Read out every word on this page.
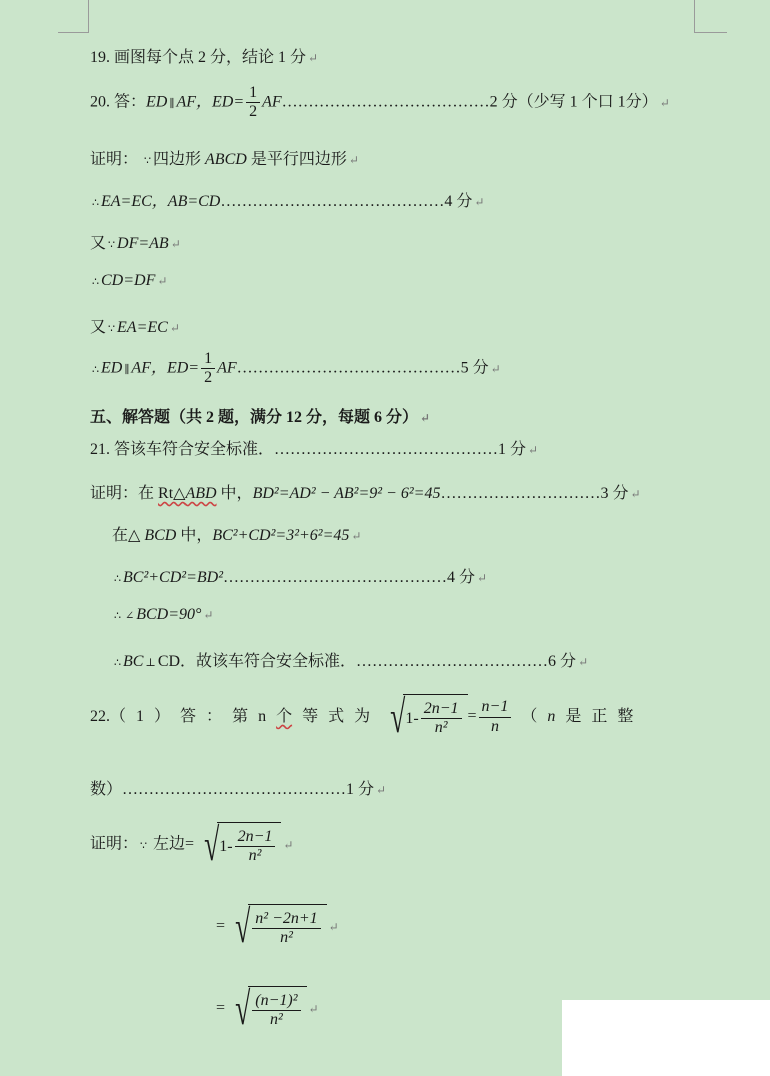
19. 画图每个点 2 分，结论 1 分 ↵
20. 答：ED ∥ AF，$ED= \frac{1}{2}$ AF…………………………………2 分（少写 1 个口 1分） ↵
证明： ∵ 四边形 ABCD 是平行四边形 ↵
∴ EA=EC，AB=CD……………………………………4 分 ↵
又 ∵ DF=AB ↵
∴ CD=DF ↵
又 ∵ EA=EC ↵
∴ ED ∥ AF，$ED= \frac{1}{2}$ AF……………………………………5 分 ↵
五、解答题（共 2 题，满分 12 分，每题 6 分） ↵
21. 答该车符合安全标准．……………………………………1 分 ↵
证明：在 Rt△ABD 中，BD²=AD² − AB²=9² − 6²=45…………………………3 分 ↵
在△ BCD 中，BC²+CD²=3²+6²=45 ↵
∴ BC²+CD²=BD²……………………………………4 分 ↵
∴ ∠ BCD=90° ↵
∴ BC ⊥ CD．故该车符合安全标准．………………………………6 分 ↵
22.（ 1 ） 答 ： 第 n 个 等 式 为 √ $1- \frac{2n-1}{\text{n²}} = \frac{n-1}{n}$ （ n 是 正 整
数）……………………………………1 分 ↵
证明： ∵ 左边= √ $1- \frac{2n-1}{\text{n²}}$ ↵
= √ $\frac{\text{n² −2n+1}}{\text{n²}}$ ↵
= √ $\frac{\text{(n−1)²}}{\text{n²}}$ ↵
